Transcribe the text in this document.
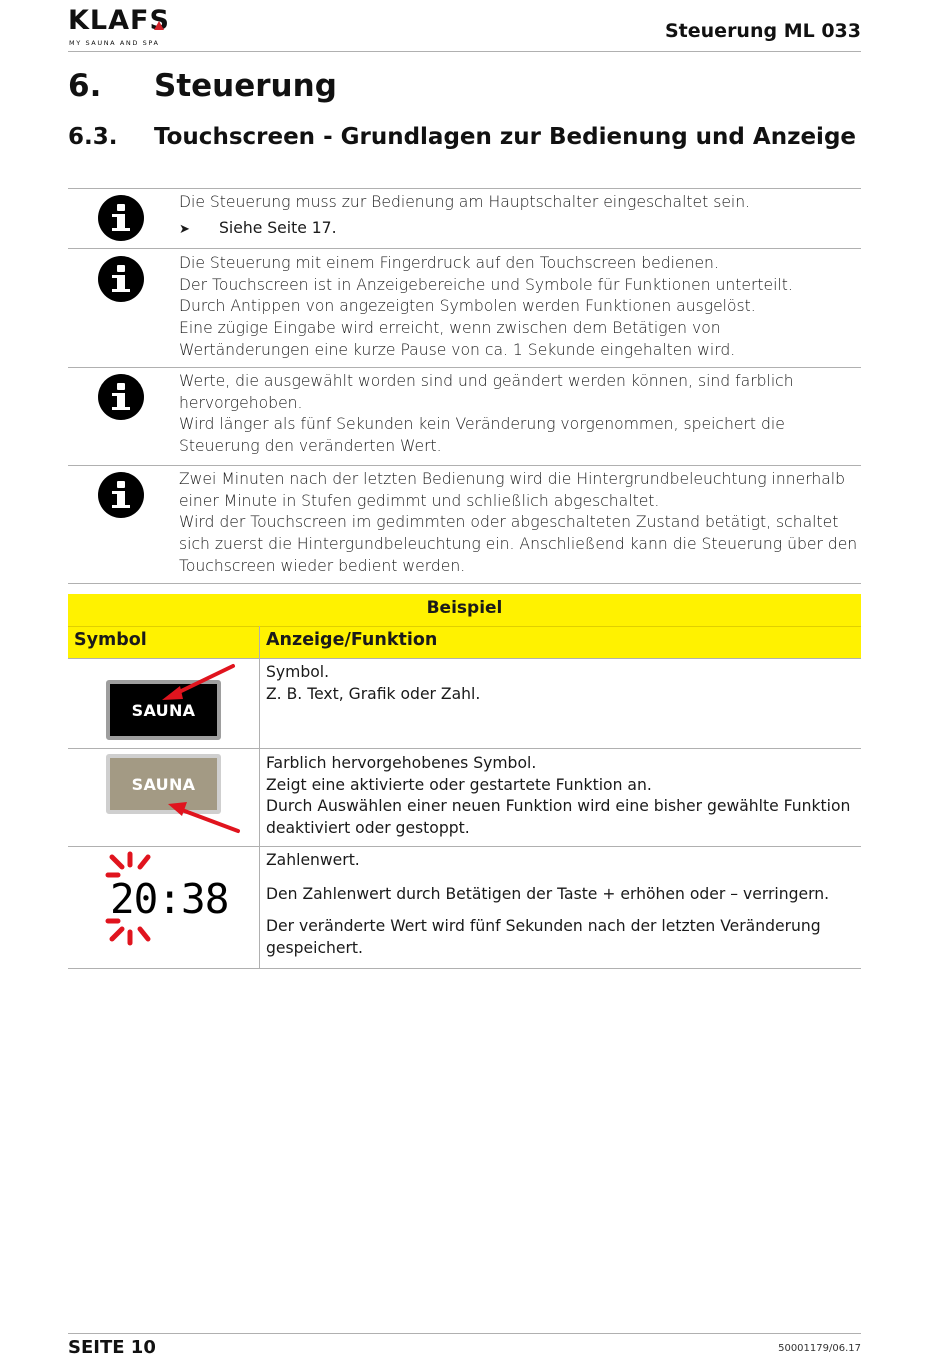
KLAFS
MY SAUNA AND SPA
Steuerung ML 033
6. Steuerung
6.3. Touchscreen - Grundlagen zur Bedienung und Anzeige
Die Steuerung muss zur Bedienung am Hauptschalter eingeschaltet sein.
➤ Siehe Seite 17.
Die Steuerung mit einem Fingerdruck auf den Touchscreen bedienen.
Der Touchscreen ist in Anzeigebereiche und Symbole für Funktionen unterteilt.
Durch Antippen von angezeigten Symbolen werden Funktionen ausgelöst.
Eine zügige Eingabe wird erreicht, wenn zwischen dem Betätigen von
Wertänderungen eine kurze Pause von ca. 1 Sekunde eingehalten wird.
Werte, die ausgewählt worden sind und geändert werden können, sind farblich
hervorgehoben.
Wird länger als fünf Sekunden kein Veränderung vorgenommen, speichert die
Steuerung den veränderten Wert.
Zwei Minuten nach der letzten Bedienung wird die Hintergrundbeleuchtung innerhalb
einer Minute in Stufen gedimmt und schließlich abgeschaltet.
Wird der Touchscreen im gedimmten oder abgeschalteten Zustand betätigt, schaltet
sich zuerst die Hintergundbeleuchtung ein. Anschließend kann die Steuerung über den
Touchscreen wieder bedient werden.
Beispiel
Symbol	Anzeige/Funktion
SAUNA
Symbol.
Z. B. Text, Grafik oder Zahl.
SAUNA
Farblich hervorgehobenes Symbol.
Zeigt eine aktivierte oder gestartete Funktion an.
Durch Auswählen einer neuen Funktion wird eine bisher gewählte Funktion
deaktiviert oder gestoppt.
20:38
Zahlenwert.
Den Zahlenwert durch Betätigen der Taste + erhöhen oder – verringern.
Der veränderte Wert wird fünf Sekunden nach der letzten Veränderung
gespeichert.
SEITE 10	50001179/06.17
